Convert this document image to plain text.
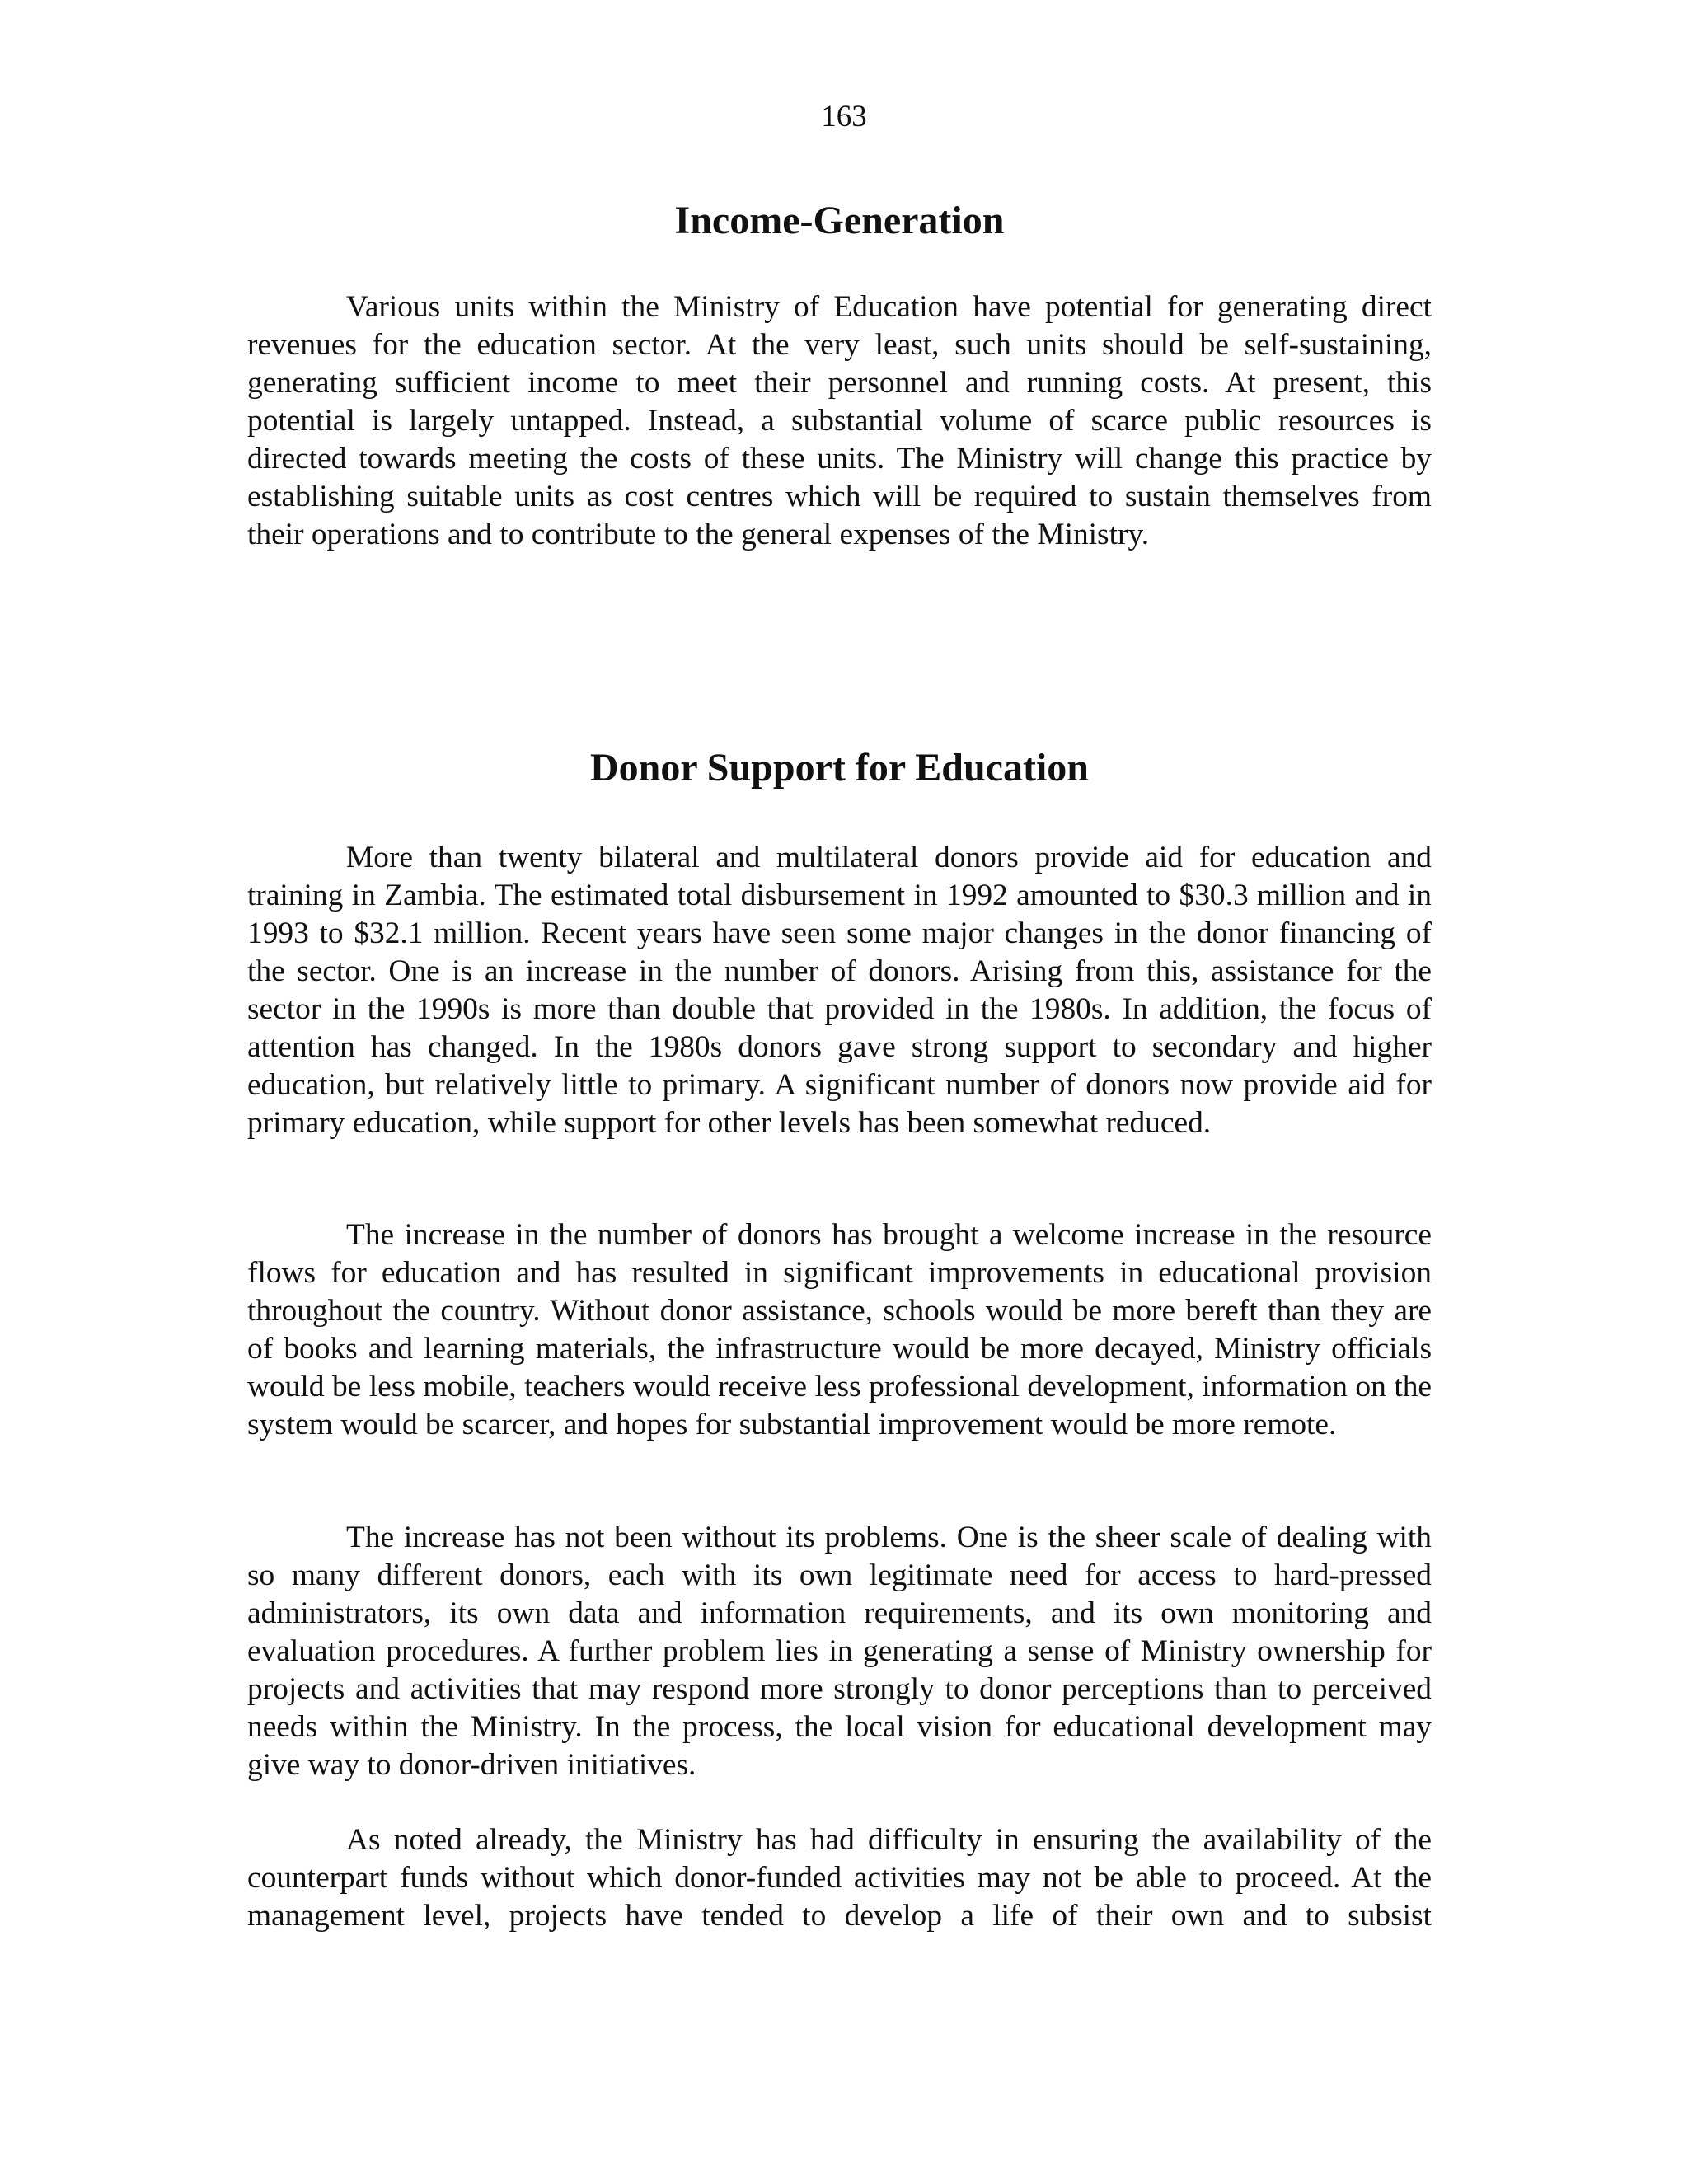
163
Income-Generation

Various units within the Ministry of Education have potential for generating direct revenues for the education sector. At the very least, such units should be self-sustaining, generating sufficient income to meet their personnel and running costs. At present, this potential is largely untapped. Instead, a substantial volume of scarce public resources is directed towards meeting the costs of these units. The Ministry will change this practice by establishing suitable units as cost centres which will be required to sustain themselves from their operations and to contribute to the general expenses of the Ministry.

Donor Support for Education

More than twenty bilateral and multilateral donors provide aid for education and training in Zambia. The estimated total disbursement in 1992 amounted to $30.3 million and in 1993 to $32.1 million. Recent years have seen some major changes in the donor financing of the sector. One is an increase in the number of donors. Arising from this, assistance for the sector in the 1990s is more than double that provided in the 1980s. In addition, the focus of attention has changed. In the 1980s donors gave strong support to secondary and higher education, but relatively little to primary. A significant number of donors now provide aid for primary education, while support for other levels has been somewhat reduced.

The increase in the number of donors has brought a welcome increase in the resource flows for education and has resulted in significant improvements in educational provision throughout the country. Without donor assistance, schools would be more bereft than they are of books and learning materials, the infrastructure would be more decayed, Ministry officials would be less mobile, teachers would receive less professional development, information on the system would be scarcer, and hopes for substantial improvement would be more remote.

The increase has not been without its problems. One is the sheer scale of dealing with so many different donors, each with its own legitimate need for access to hard-pressed administrators, its own data and information requirements, and its own monitoring and evaluation procedures. A further problem lies in generating a sense of Ministry ownership for projects and activities that may respond more strongly to donor perceptions than to perceived needs within the Ministry. In the process, the local vision for educational development may give way to donor-driven initiatives.

As noted already, the Ministry has had difficulty in ensuring the availability of the counterpart funds without which donor-funded activities may not be able to proceed. At the management level, projects have tended to develop a life of their own and to subsist
